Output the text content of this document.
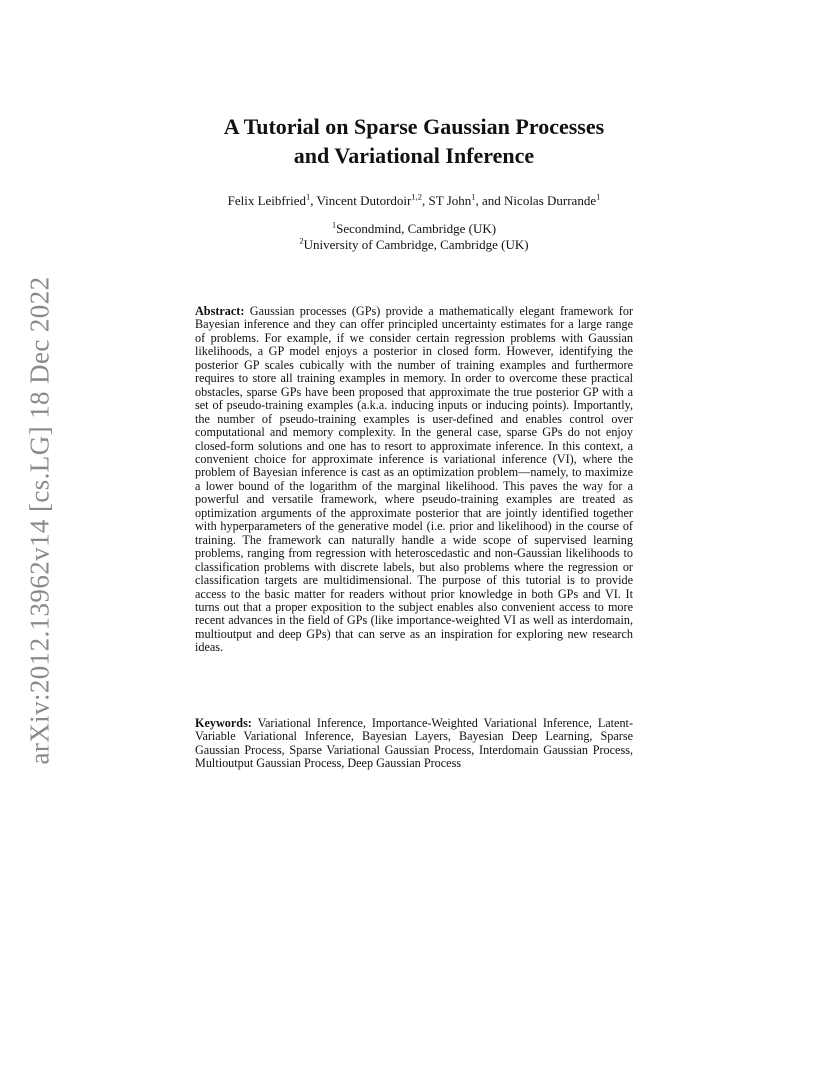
arXiv:2012.13962v14 [cs.LG] 18 Dec 2022
A Tutorial on Sparse Gaussian Processes
and Variational Inference
Felix Leibfried$^1$, Vincent Dutordoir$^{1,2}$, ST John$^1$, and Nicolas Durrande$^1$
$^1$Secondmind, Cambridge (UK)
$^2$University of Cambridge, Cambridge (UK)

Abstract: Gaussian processes (GPs) provide a mathematically elegant framework for Bayesian inference and they can offer principled uncertainty estimates for a large range of problems. For example, if we consider certain regression problems with Gaussian likelihoods, a GP model enjoys a posterior in closed form. However, identifying the posterior GP scales cubically with the number of training examples and furthermore requires to store all training examples in memory. In order to overcome these practical obstacles, sparse GPs have been proposed that approximate the true posterior GP with a set of pseudo-training examples (a.k.a. inducing inputs or inducing points). Importantly, the number of pseudo-training examples is user-defined and enables control over computational and memory complexity. In the general case, sparse GPs do not enjoy closed-form solutions and one has to resort to approximate inference. In this context, a convenient choice for approximate inference is variational inference (VI), where the problem of Bayesian inference is cast as an optimization problem—namely, to maximize a lower bound of the logarithm of the marginal likelihood. This paves the way for a powerful and versatile framework, where pseudo-training examples are treated as optimization arguments of the approximate posterior that are jointly identified together with hyperparameters of the generative model (i.e. prior and likelihood) in the course of training. The framework can naturally handle a wide scope of supervised learning problems, ranging from regression with heteroscedastic and non-Gaussian likelihoods to classification problems with discrete labels, but also problems where the regression or classification targets are multidimensional. The purpose of this tutorial is to provide access to the basic matter for readers without prior knowledge in both GPs and VI. It turns out that a proper exposition to the subject enables also convenient access to more recent advances in the field of GPs (like importance-weighted VI as well as interdomain, multioutput and deep GPs) that can serve as an inspiration for exploring new research ideas.

Keywords: Variational Inference, Importance-Weighted Variational Inference, Latent-Variable Variational Inference, Bayesian Layers, Bayesian Deep Learning, Sparse Gaussian Process, Sparse Variational Gaussian Process, Interdomain Gaussian Process, Multioutput Gaussian Process, Deep Gaussian Process
